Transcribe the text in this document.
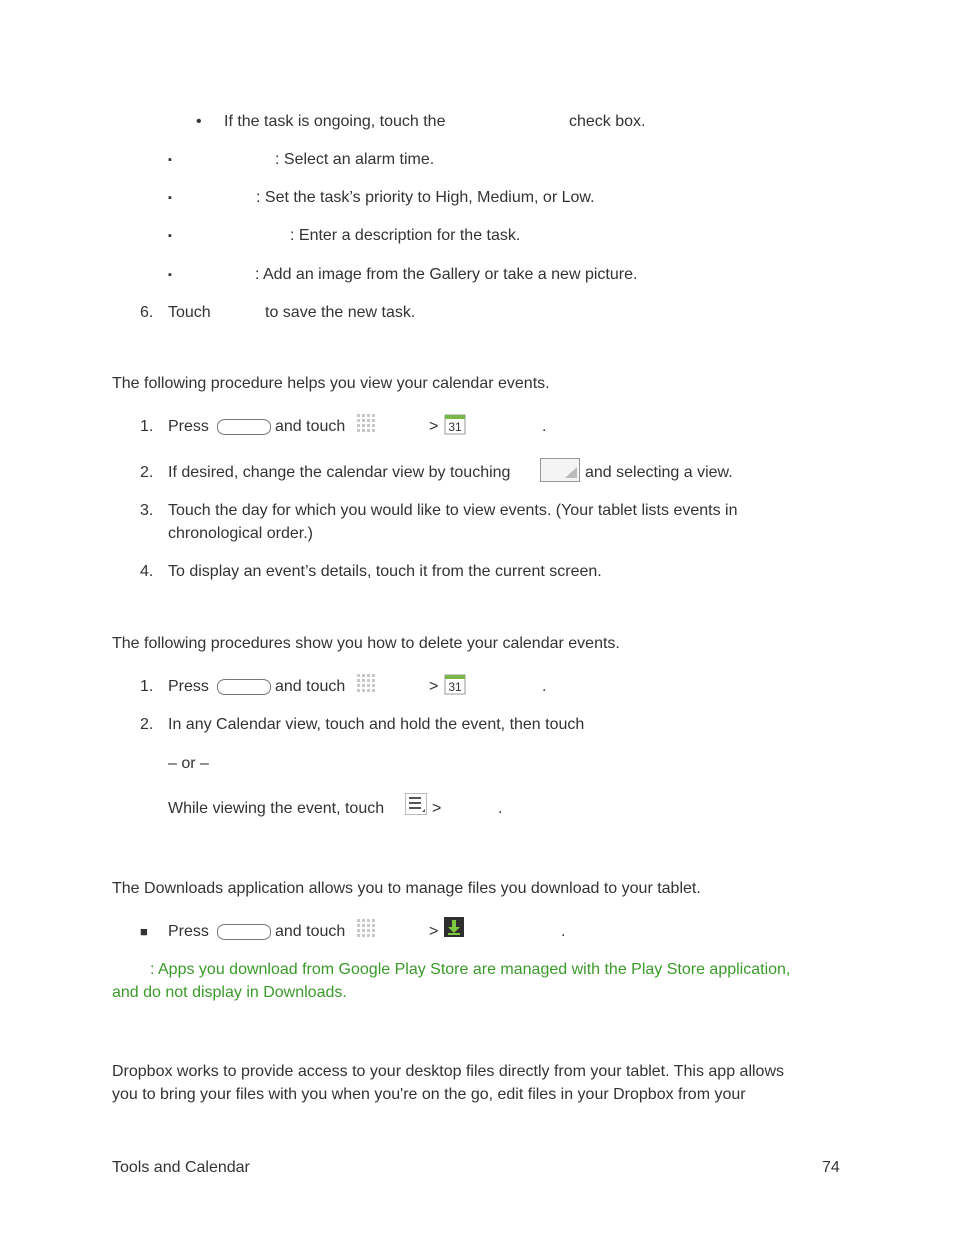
• If the task is ongoing, touch the	check box.
▪	: Select an alarm time.
▪	: Set the task’s priority to High, Medium, or Low.
▪	: Enter a description for the task.
▪	: Add an image from the Gallery or take a new picture.
6. Touch	to save the new task.
The following procedure helps you view your calendar events.
1. Press	and touch	> 31	.
2. If desired, change the calendar view by touching	and selecting a view.
3. Touch the day for which you would like to view events. (Your tablet lists events in
chronological order.)
4. To display an event’s details, touch it from the current screen.
The following procedures show you how to delete your calendar events.
1. Press	and touch	> 31	.
2. In any Calendar view, touch and hold the event, then touch
– or –
While viewing the event, touch	>	.
The Downloads application allows you to manage files you download to your tablet.
■ Press	and touch	>	.
: Apps you download from Google Play Store are managed with the Play Store application,
and do not display in Downloads.
Dropbox works to provide access to your desktop files directly from your tablet. This app allows
you to bring your files with you when you're on the go, edit files in your Dropbox from your
Tools and Calendar	74
